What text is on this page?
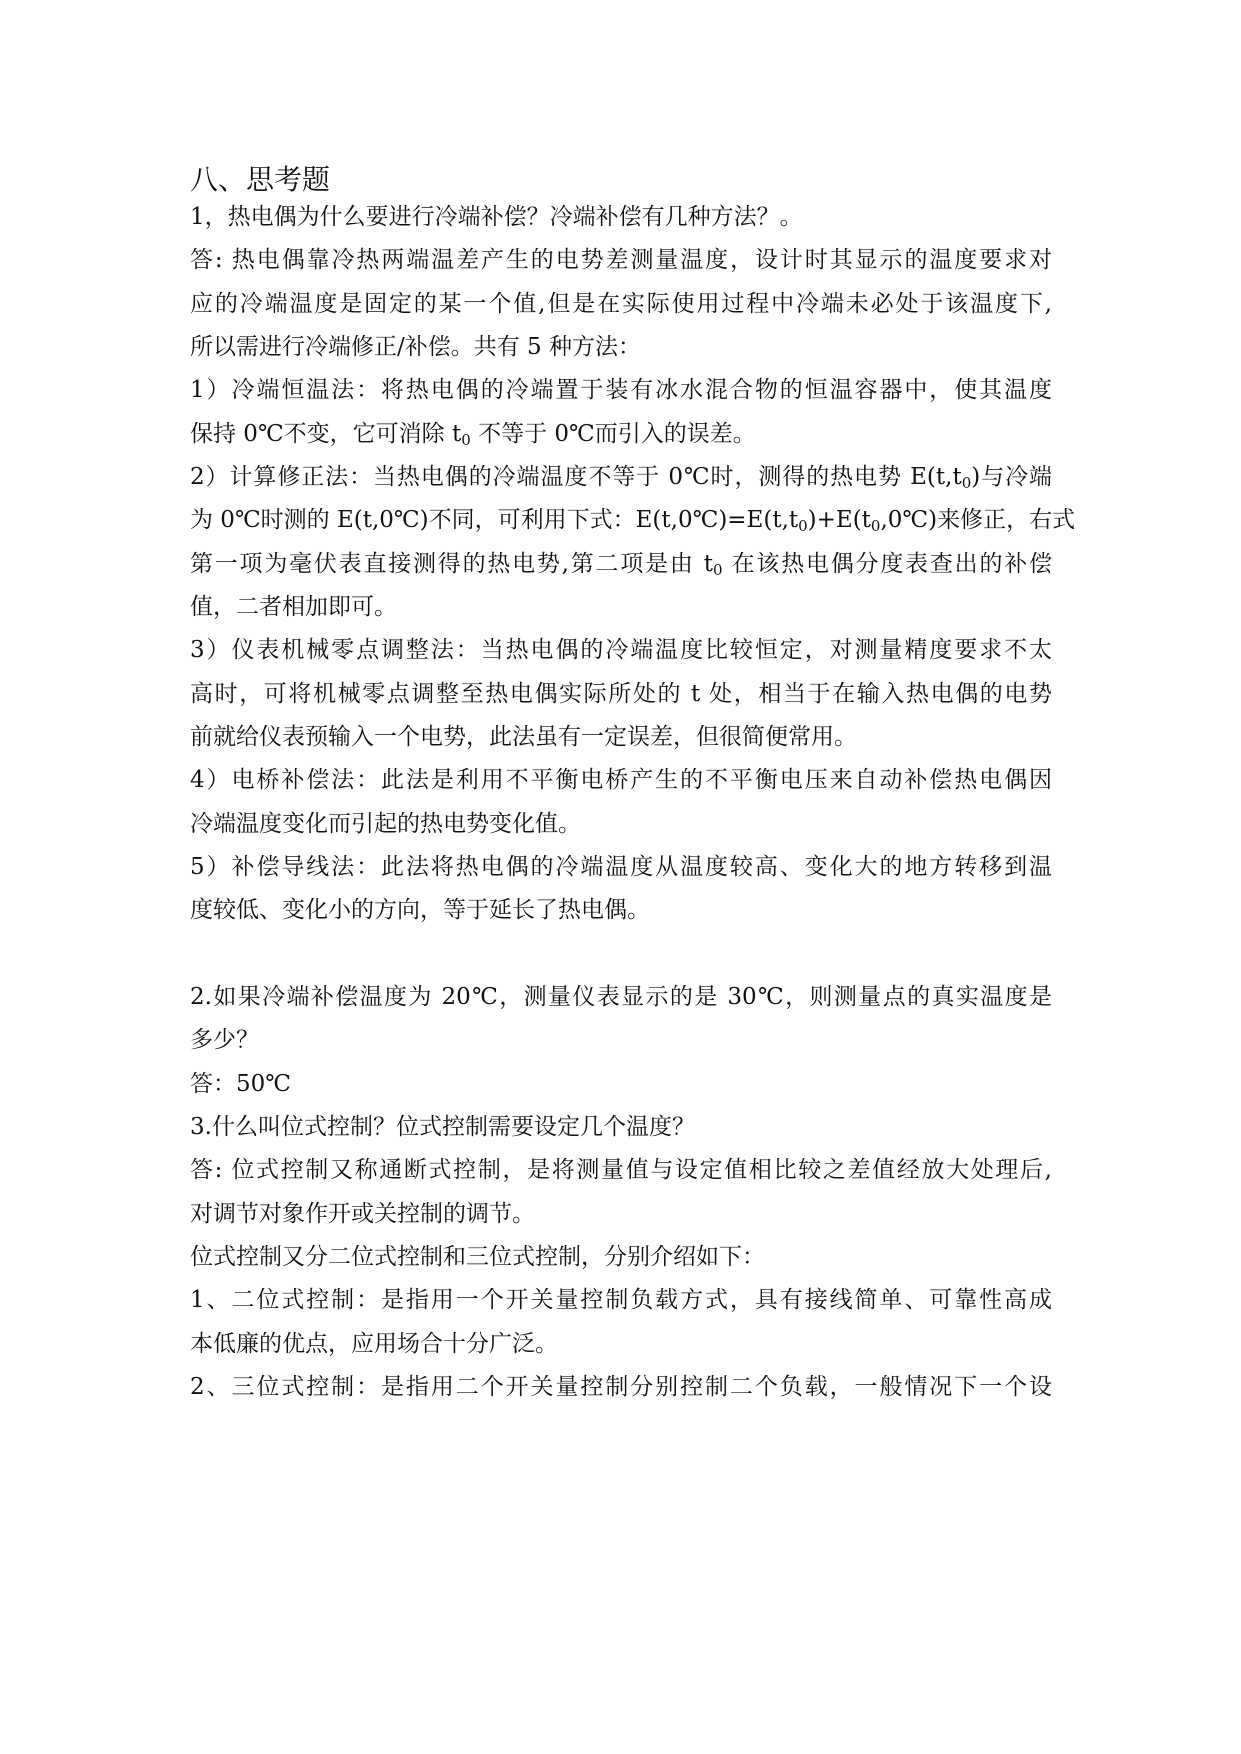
八、思考题

1，热电偶为什么要进行冷端补偿？冷端补偿有几种方法？。

答: 热电偶靠冷热两端温差产生的电势差测量温度，设计时其显示的温度要求对

应的冷端温度是固定的某一个值,但是在实际使用过程中冷端未必处于该温度下,

所以需进行冷端修正/补偿。共有 5 种方法：

1）冷端恒温法：将热电偶的冷端置于装有冰水混合物的恒温容器中，使其温度

保持 0℃不变，它可消除 $t_0$ 不等于 0℃而引入的误差。

2）计算修正法：当热电偶的冷端温度不等于 0℃时，测得的热电势 $E(t,t_0)$与冷端

为 0℃时测的 E(t,0℃)不同，可利用下式：$E(t,0℃)=E(t,t_0)+E(t_0,0℃)$来修正，右式

第一项为毫伏表直接测得的热电势,第二项是由 $t_0$ 在该热电偶分度表查出的补偿

值，二者相加即可。

3）仪表机械零点调整法：当热电偶的冷端温度比较恒定，对测量精度要求不太

高时，可将机械零点调整至热电偶实际所处的 t 处，相当于在输入热电偶的电势

前就给仪表预输入一个电势，此法虽有一定误差，但很简便常用。

4）电桥补偿法：此法是利用不平衡电桥产生的不平衡电压来自动补偿热电偶因

冷端温度变化而引起的热电势变化值。

5）补偿导线法：此法将热电偶的冷端温度从温度较高、变化大的地方转移到温

度较低、变化小的方向，等于延长了热电偶。

2.如果冷端补偿温度为 20℃，测量仪表显示的是 30℃，则测量点的真实温度是

多少？

答：50℃

3.什么叫位式控制？位式控制需要设定几个温度？

答: 位式控制又称通断式控制，是将测量值与设定值相比较之差值经放大处理后,

对调节对象作开或关控制的调节。

位式控制又分二位式控制和三位式控制，分别介绍如下：

1、二位式控制：是指用一个开关量控制负载方式，具有接线简单、可靠性高成

本低廉的优点，应用场合十分广泛。

2、三位式控制：是指用二个开关量控制分别控制二个负载，一般情况下一个设
